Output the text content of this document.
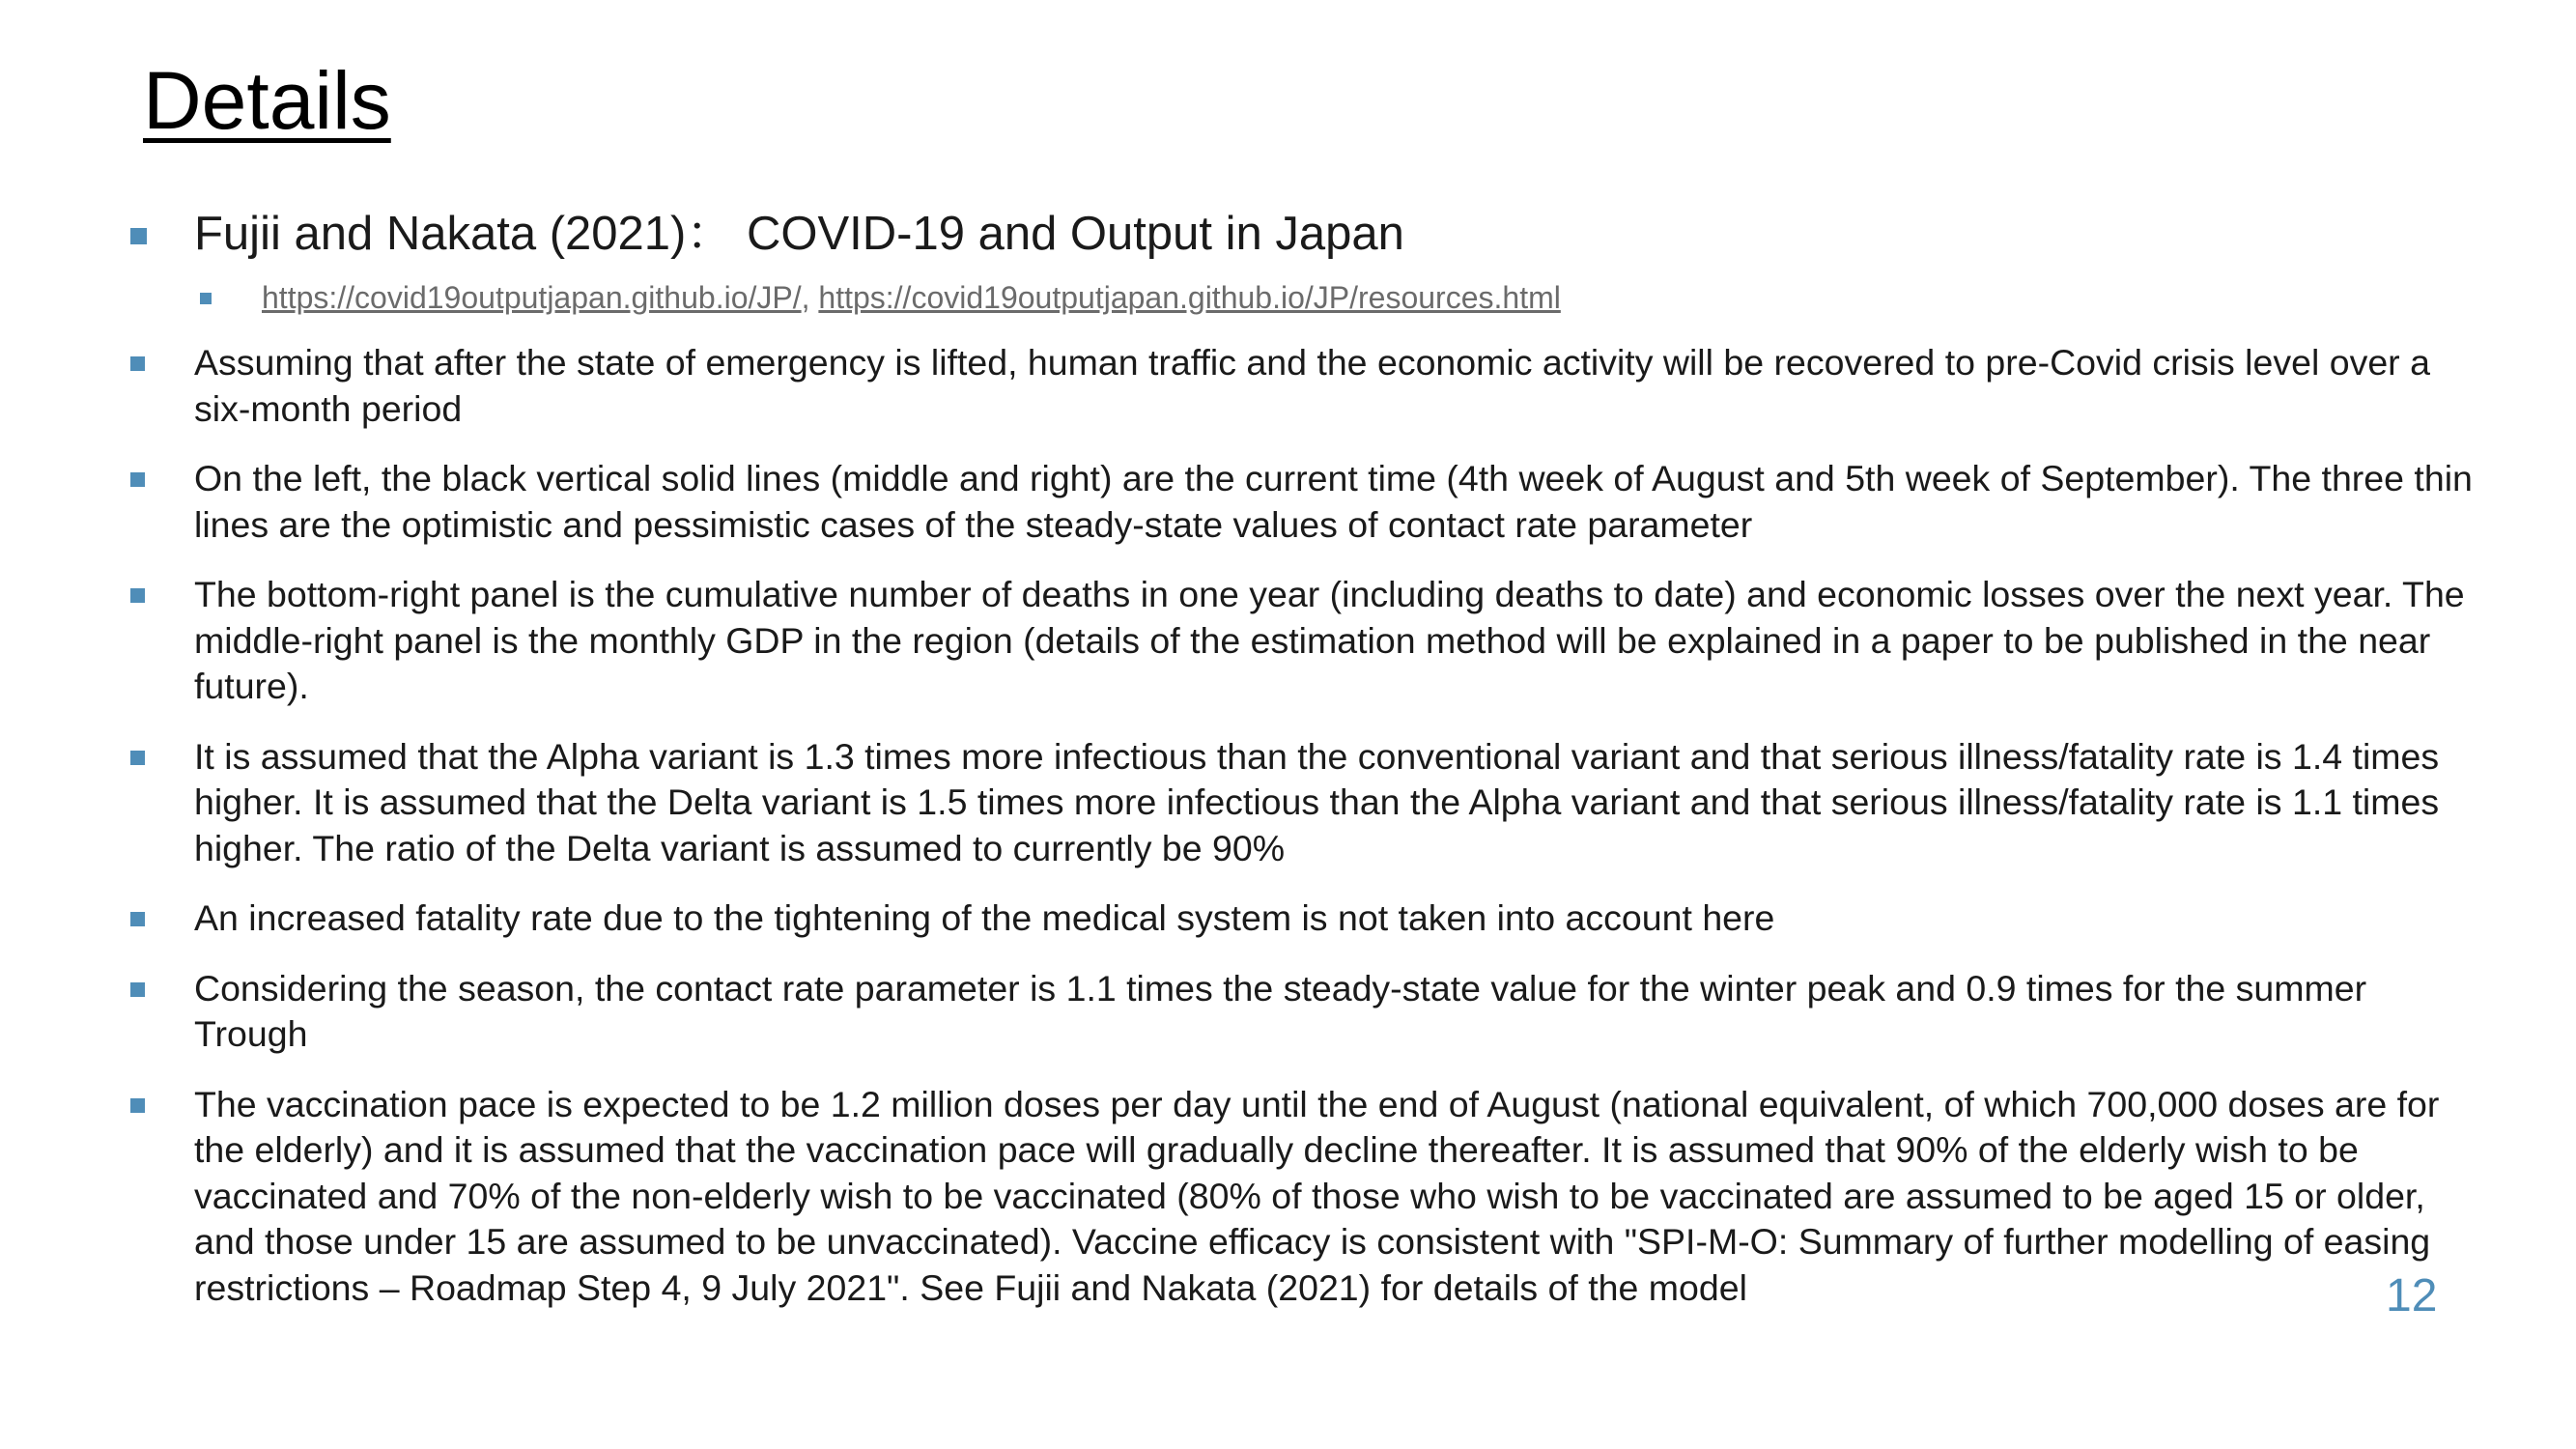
Details
Fujii and Nakata (2021)： COVID-19 and Output in Japan
https://covid19outputjapan.github.io/JP/, https://covid19outputjapan.github.io/JP/resources.html
Assuming that after the state of emergency is lifted, human traffic and the economic activity will be recovered to pre-Covid crisis level over a six-month period
On the left, the black vertical solid lines (middle and right) are the current time (4th week of August and 5th week of September). The three thin lines are the optimistic and pessimistic cases of the steady-state values of contact rate parameter
The bottom-right panel is the cumulative number of deaths in one year (including deaths to date) and economic losses over the next year. The middle-right panel is the monthly GDP in the region (details of the estimation method will be explained in a paper to be published in the near future).
It is assumed that the Alpha variant is 1.3 times more infectious than the conventional variant and that serious illness/fatality rate is 1.4 times higher. It is assumed that the Delta variant is 1.5 times more infectious than the Alpha variant and that serious illness/fatality rate is 1.1 times higher. The ratio of the Delta variant is assumed to currently be 90%
An increased fatality rate due to the tightening of the medical system is not taken into account here
Considering the season, the contact rate parameter is 1.1 times the steady-state value for the winter peak and 0.9 times for the summer Trough
The vaccination pace is expected to be 1.2 million doses per day until the end of August (national equivalent, of which 700,000 doses are for the elderly) and it is assumed that the vaccination pace will gradually decline thereafter. It is assumed that 90% of the elderly wish to be vaccinated and 70% of the non-elderly wish to be vaccinated (80% of those who wish to be vaccinated are assumed to be aged 15 or older, and those under 15 are assumed to be unvaccinated). Vaccine efficacy is consistent with "SPI-M-O: Summary of further modelling of easing restrictions – Roadmap Step 4, 9 July 2021". See Fujii and Nakata (2021) for details of the model	12
